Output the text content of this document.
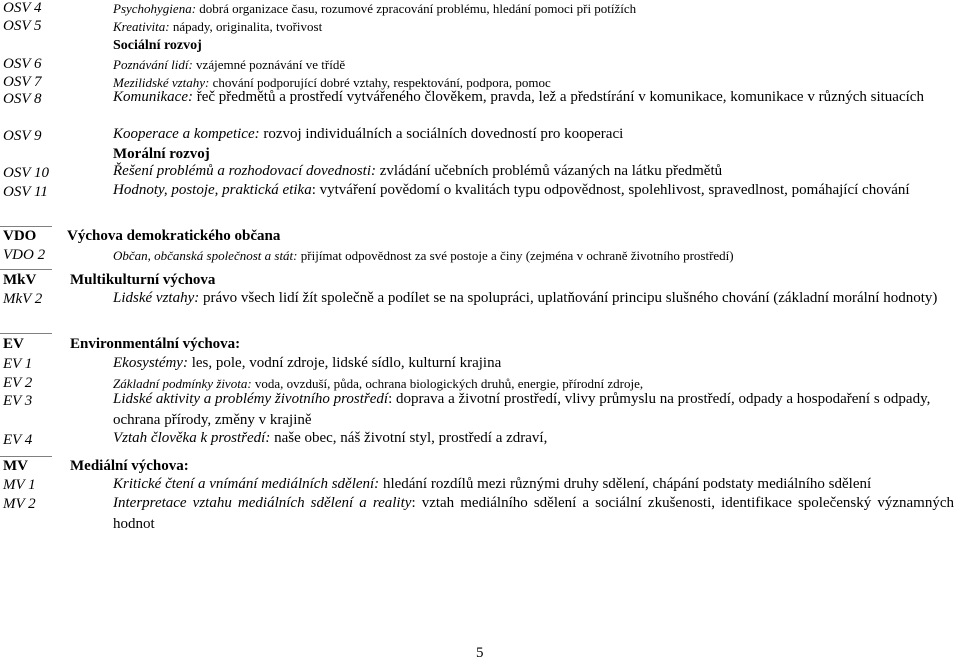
OSV 4	Psychohygiena: dobrá organizace času, rozumové zpracování problému, hledání pomoci při potížích
OSV 5	Kreativita: nápady, originalita, tvořivost
Sociální rozvoj
OSV 6	Poznávání lidí: vzájemné poznávání ve třídě
OSV 7	Mezilidské vztahy: chování podporující dobré vztahy, respektování, podpora, pomoc
OSV 8	Komunikace: řeč předmětů a prostředí vytvářeného člověkem, pravda, lež a předstírání v komunikace, komunikace v různých situacích
OSV 9	Kooperace a kompetice: rozvoj individuálních a sociálních dovedností pro kooperaci
Morální rozvoj
OSV 10	Řešení problémů a rozhodovací dovednosti: zvládání učebních problémů vázaných na látku předmětů
OSV 11	Hodnoty, postoje, praktická etika: vytváření povědomí o kvalitách typu odpovědnost, spolehlivost, spravedlnost, pomáhající chování
VDO Výchova demokratického občana
VDO 2	Občan, občanská společnost a stát: přijímat odpovědnost za své postoje a činy (zejména v ochraně životního prostředí)
MkV Multikulturní výchova
MkV 2	Lidské vztahy: právo všech lidí žít společně a podílet se na spolupráci, uplatňování principu slušného chování (základní morální hodnoty)
EV	Environmentální výchova:
EV 1	Ekosystémy: les, pole, vodní zdroje, lidské sídlo, kulturní krajina
EV 2	Základní podmínky života: voda, ovzduší, půda, ochrana biologických druhů, energie, přírodní zdroje,
EV 3	Lidské aktivity a problémy životního prostředí: doprava a životní prostředí, vlivy průmyslu na prostředí, odpady a hospodaření s odpady, ochrana přírody, změny v krajině
EV 4	Vztah člověka k prostředí: naše obec, náš životní styl, prostředí a zdraví,
MV	Mediální výchova:
MV 1	Kritické čtení a vnímání mediálních sdělení: hledání rozdílů mezi různými druhy sdělení, chápání podstaty mediálního sdělení
MV 2	Interpretace vztahu mediálních sdělení a reality: vztah mediálního sdělení a sociální zkušenosti, identifikace společenský významných hodnot
5
